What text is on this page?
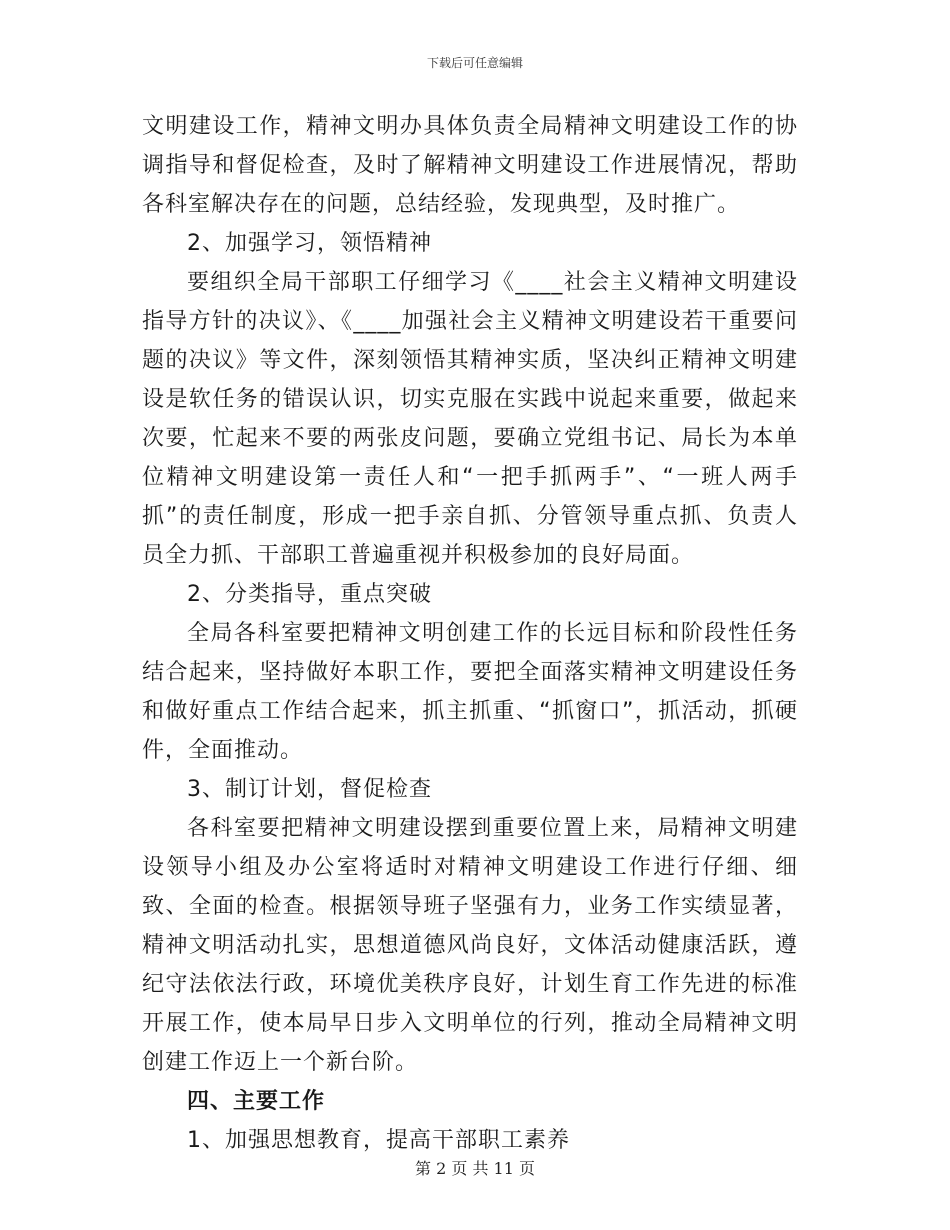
下载后可任意编辑

文明建设工作，精神文明办具体负责全局精神文明建设工作的协调指导和督促检查，及时了解精神文明建设工作进展情况，帮助各科室解决存在的问题，总结经验，发现典型，及时推广。

2、加强学习，领悟精神

要组织全局干部职工仔细学习《____社会主义精神文明建设指导方针的决议》、《____加强社会主义精神文明建设若干重要问题的决议》等文件，深刻领悟其精神实质，坚决纠正精神文明建设是软任务的错误认识，切实克服在实践中说起来重要，做起来次要，忙起来不要的两张皮问题，要确立党组书记、局长为本单位精神文明建设第一责任人和“一把手抓两手”、“一班人两手抓”的责任制度，形成一把手亲自抓、分管领导重点抓、负责人员全力抓、干部职工普遍重视并积极参加的良好局面。

2、分类指导，重点突破

全局各科室要把精神文明创建工作的长远目标和阶段性任务结合起来，坚持做好本职工作，要把全面落实精神文明建设任务和做好重点工作结合起来，抓主抓重、“抓窗口”，抓活动，抓硬件，全面推动。

3、制订计划，督促检查

各科室要把精神文明建设摆到重要位置上来，局精神文明建设领导小组及办公室将适时对精神文明建设工作进行仔细、细致、全面的检查。根据领导班子坚强有力，业务工作实绩显著，精神文明活动扎实，思想道德风尚良好，文体活动健康活跃，遵纪守法依法行政，环境优美秩序良好，计划生育工作先进的标准开展工作，使本局早日步入文明单位的行列，推动全局精神文明创建工作迈上一个新台阶。

四、主要工作

1、加强思想教育，提高干部职工素养

第 2 页 共 11 页
